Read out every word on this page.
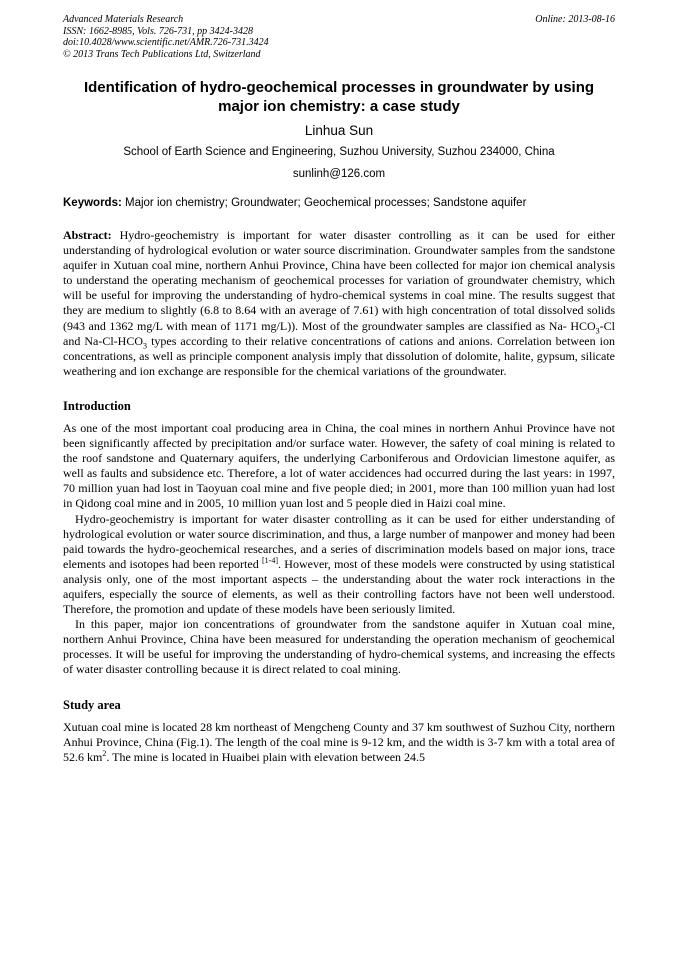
Advanced Materials Research
ISSN: 1662-8985, Vols. 726-731, pp 3424-3428
doi:10.4028/www.scientific.net/AMR.726-731.3424
© 2013 Trans Tech Publications Ltd, Switzerland
Online: 2013-08-16
Identification of hydro-geochemical processes in groundwater by using major ion chemistry: a case study
Linhua Sun
School of Earth Science and Engineering, Suzhou University, Suzhou 234000, China
sunlinh@126.com
Keywords: Major ion chemistry; Groundwater; Geochemical processes; Sandstone aquifer

Abstract: Hydro-geochemistry is important for water disaster controlling as it can be used for either understanding of hydrological evolution or water source discrimination. Groundwater samples from the sandstone aquifer in Xutuan coal mine, northern Anhui Province, China have been collected for major ion chemical analysis to understand the operating mechanism of geochemical processes for variation of groundwater chemistry, which will be useful for improving the understanding of hydro-chemical systems in coal mine. The results suggest that they are medium to slightly (6.8 to 8.64 with an average of 7.61) with high concentration of total dissolved solids (943 and 1362 mg/L with mean of 1171 mg/L)). Most of the groundwater samples are classified as Na- $HCO_3-Cl$ and $Na-Cl-HCO_3$ types according to their relative concentrations of cations and anions. Correlation between ion concentrations, as well as principle component analysis imply that dissolution of dolomite, halite, gypsum, silicate weathering and ion exchange are responsible for the chemical variations of the groundwater.

Introduction

As one of the most important coal producing area in China, the coal mines in northern Anhui Province have not been significantly affected by precipitation and/or surface water. However, the safety of coal mining is related to the roof sandstone and Quaternary aquifers, the underlying Carboniferous and Ordovician limestone aquifer, as well as faults and subsidence etc. Therefore, a lot of water accidences had occurred during the last years: in 1997, 70 million yuan had lost in Taoyuan coal mine and five people died; in 2001, more than 100 million yuan had lost in Qidong coal mine and in 2005, 10 million yuan lost and 5 people died in Haizi coal mine.

Hydro-geochemistry is important for water disaster controlling as it can be used for either understanding of hydrological evolution or water source discrimination, and thus, a large number of manpower and money had been paid towards the hydro-geochemical researches, and a series of discrimination models based on major ions, trace elements and isotopes had been reported [1-4]. However, most of these models were constructed by using statistical analysis only, one of the most important aspects – the understanding about the water rock interactions in the aquifers, especially the source of elements, as well as their controlling factors have not been well understood. Therefore, the promotion and update of these models have been seriously limited.

In this paper, major ion concentrations of groundwater from the sandstone aquifer in Xutuan coal mine, northern Anhui Province, China have been measured for understanding the operation mechanism of geochemical processes. It will be useful for improving the understanding of hydro-chemical systems, and increasing the effects of water disaster controlling because it is direct related to coal mining.

Study area

Xutuan coal mine is located 28 km northeast of Mengcheng County and 37 km southwest of Suzhou City, northern Anhui Province, China (Fig.1). The length of the coal mine is 9-12 km, and the width is 3-7 km with a total area of 52.6 $km^2$. The mine is located in Huaibei plain with elevation between 24.5
